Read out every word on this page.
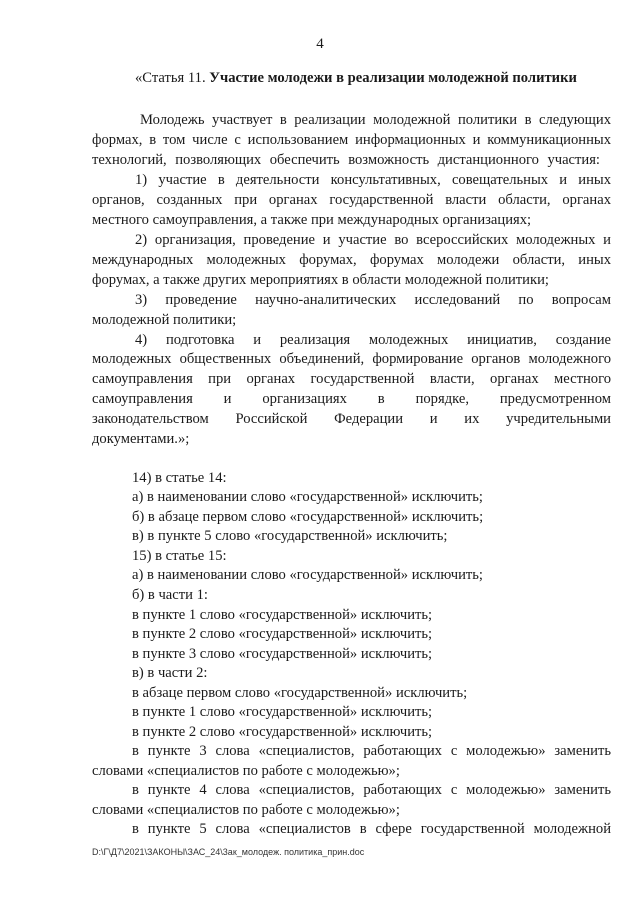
4
«Статья 11. Участие молодежи в реализации молодежной политики
Молодежь участвует в реализации молодежной политики в следующих
формах, в том числе с использованием информационных и коммуникационных
технологий, позволяющих обеспечить возможность дистанционного участия:
1) участие в деятельности консультативных, совещательных и иных
органов, созданных при органах государственной власти области, органах
местного самоуправления, а также при международных организациях;
2) организация, проведение и участие во всероссийских молодежных и
международных молодежных форумах, форумах молодежи области, иных
форумах, а также других мероприятиях в области молодежной политики;
3) проведение научно-аналитических исследований по вопросам
молодежной политики;
4) подготовка и реализация молодежных инициатив, создание
молодежных общественных объединений, формирование органов молодежного
самоуправления при органах государственной власти, органах местного
самоуправления и организациях в порядке, предусмотренном
законодательством Российской Федерации и их учредительными
документами.»;
14) в статье 14:
а) в наименовании слово «государственной» исключить;
б) в абзаце первом слово «государственной» исключить;
в) в пункте 5 слово «государственной» исключить;
15) в статье 15:
а) в наименовании слово «государственной» исключить;
б) в части 1:
в пункте 1 слово «государственной» исключить;
в пункте 2 слово «государственной» исключить;
в пункте 3 слово «государственной» исключить;
в) в части 2:
в абзаце первом слово «государственной» исключить;
в пункте 1 слово «государственной» исключить;
в пункте 2 слово «государственной» исключить;
в пункте 3 слова «специалистов, работающих с молодежью» заменить
словами «специалистов по работе с молодежью»;
в пункте 4 слова «специалистов, работающих с молодежью» заменить
словами «специалистов по работе с молодежью»;
в пункте 5 слова «специалистов в сфере государственной молодежной
D:\Г\Д7\2021\ЗАКОНЫ\ЗАС_24\3ак_молодеж. политика_прин.doc
